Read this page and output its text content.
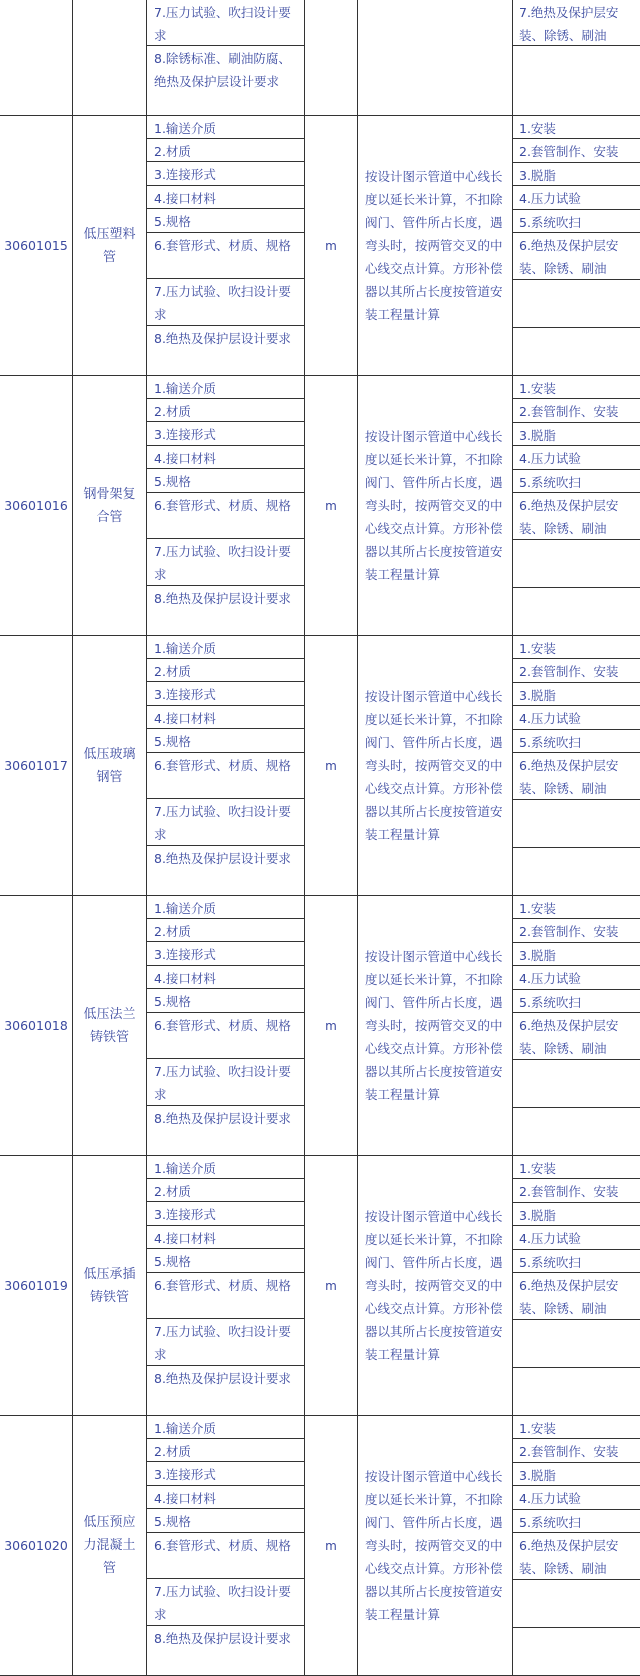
7.压力试验、吹扫设计要求
8.除锈标准、刷油防腐、绝热及保护层设计要求
7.绝热及保护层安装、除锈、刷油
30601015
低压塑料管
m
按设计图示管道中心线长度以延长米计算，不扣除阀门、管件所占长度，遇弯头时，按两管交叉的中心线交点计算。方形补偿器以其所占长度按管道安装工程量计算
1.输送介质
2.材质
3.连接形式
4.接口材料
5.规格
6.套管形式、材质、规格
7.压力试验、吹扫设计要求
8.绝热及保护层设计要求
1.安装
2.套管制作、安装
3.脱脂
4.压力试验
5.系统吹扫
6.绝热及保护层安装、除锈、刷油
30601016
钢骨架复合管
m
按设计图示管道中心线长度以延长米计算，不扣除阀门、管件所占长度，遇弯头时，按两管交叉的中心线交点计算。方形补偿器以其所占长度按管道安装工程量计算
1.输送介质
2.材质
3.连接形式
4.接口材料
5.规格
6.套管形式、材质、规格
7.压力试验、吹扫设计要求
8.绝热及保护层设计要求
1.安装
2.套管制作、安装
3.脱脂
4.压力试验
5.系统吹扫
6.绝热及保护层安装、除锈、刷油
30601017
低压玻璃钢管
m
按设计图示管道中心线长度以延长米计算，不扣除阀门、管件所占长度，遇弯头时，按两管交叉的中心线交点计算。方形补偿器以其所占长度按管道安装工程量计算
1.输送介质
2.材质
3.连接形式
4.接口材料
5.规格
6.套管形式、材质、规格
7.压力试验、吹扫设计要求
8.绝热及保护层设计要求
1.安装
2.套管制作、安装
3.脱脂
4.压力试验
5.系统吹扫
6.绝热及保护层安装、除锈、刷油
30601018
低压法兰铸铁管
m
按设计图示管道中心线长度以延长米计算，不扣除阀门、管件所占长度，遇弯头时，按两管交叉的中心线交点计算。方形补偿器以其所占长度按管道安装工程量计算
1.输送介质
2.材质
3.连接形式
4.接口材料
5.规格
6.套管形式、材质、规格
7.压力试验、吹扫设计要求
8.绝热及保护层设计要求
1.安装
2.套管制作、安装
3.脱脂
4.压力试验
5.系统吹扫
6.绝热及保护层安装、除锈、刷油
30601019
低压承插铸铁管
m
按设计图示管道中心线长度以延长米计算，不扣除阀门、管件所占长度，遇弯头时，按两管交叉的中心线交点计算。方形补偿器以其所占长度按管道安装工程量计算
1.输送介质
2.材质
3.连接形式
4.接口材料
5.规格
6.套管形式、材质、规格
7.压力试验、吹扫设计要求
8.绝热及保护层设计要求
1.安装
2.套管制作、安装
3.脱脂
4.压力试验
5.系统吹扫
6.绝热及保护层安装、除锈、刷油
30601020
低压预应力混凝土管
m
按设计图示管道中心线长度以延长米计算，不扣除阀门、管件所占长度，遇弯头时，按两管交叉的中心线交点计算。方形补偿器以其所占长度按管道安装工程量计算
1.输送介质
2.材质
3.连接形式
4.接口材料
5.规格
6.套管形式、材质、规格
7.压力试验、吹扫设计要求
8.绝热及保护层设计要求
1.安装
2.套管制作、安装
3.脱脂
4.压力试验
5.系统吹扫
6.绝热及保护层安装、除锈、刷油
